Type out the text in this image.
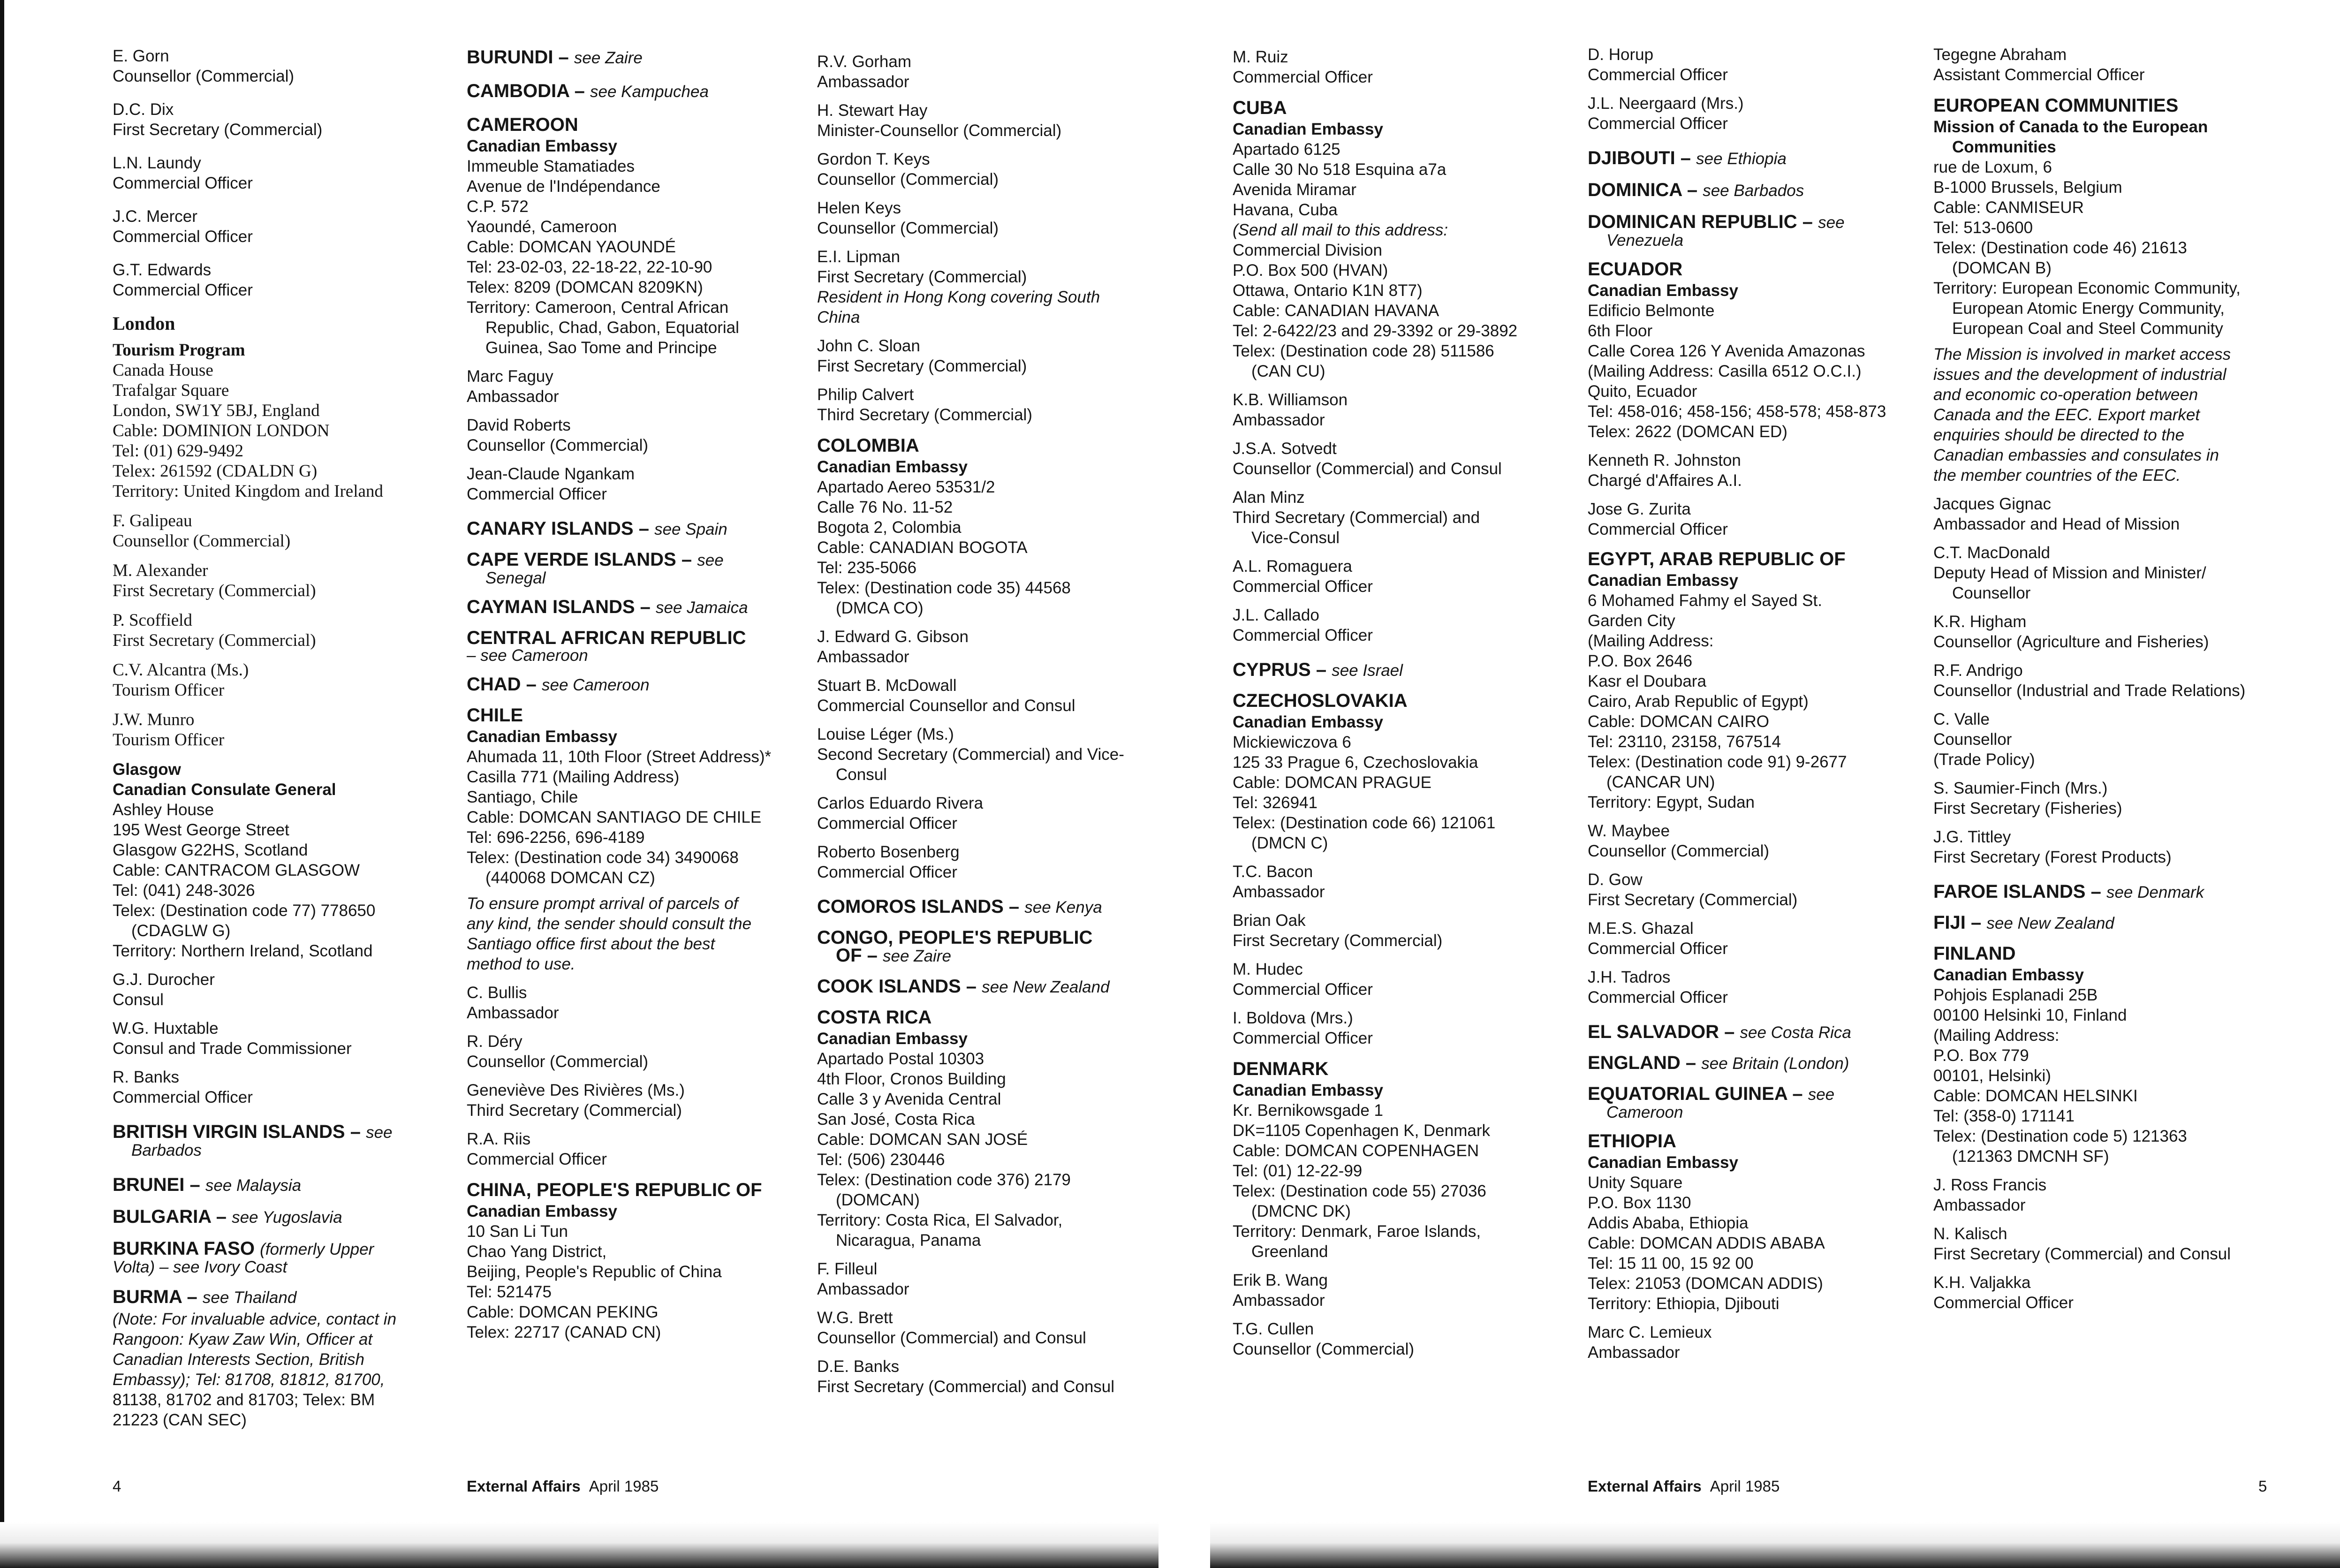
E. Gorn

Counsellor (Commercial)

D.C. Dix

First Secretary (Commercial)

L.N. Laundy

Commercial Officer

J.C. Mercer

Commercial Officer

G.T. Edwards

Commercial Officer

London

Tourism Program

Canada House

Trafalgar Square

London, SW1Y 5BJ, England

Cable: DOMINION LONDON

Tel: (01) 629-9492

Telex: 261592 (CDALDN G)

Territory: United Kingdom and Ireland

F. Galipeau

Counsellor (Commercial)

M. Alexander

First Secretary (Commercial)

P. Scoffield

First Secretary (Commercial)

C.V. Alcantra (Ms.)

Tourism Officer

J.W. Munro

Tourism Officer

Glasgow

Canadian Consulate General

Ashley House

195 West George Street

Glasgow G22HS, Scotland

Cable: CANTRACOM GLASGOW

Tel: (041) 248-3026

Telex: (Destination code 77) 778650

(CDAGLW G)

Territory: Northern Ireland, Scotland

G.J. Durocher

Consul

W.G. Huxtable

Consul and Trade Commissioner

R. Banks

Commercial Officer

BRITISH VIRGIN ISLANDS – see

Barbados

BRUNEI – see Malaysia

BULGARIA – see Yugoslavia

BURKINA FASO (formerly Upper

Volta) – see Ivory Coast

BURMA – see Thailand

(Note: For invaluable advice, contact in

Rangoon: Kyaw Zaw Win, Officer at

Canadian Interests Section, British

Embassy); Tel: 81708, 81812, 81700,

81138, 81702 and 81703; Telex: BM

21223 (CAN SEC)

BURUNDI – see Zaire

CAMBODIA – see Kampuchea

CAMEROON

Canadian Embassy

Immeuble Stamatiades

Avenue de l'Indépendance

C.P. 572

Yaoundé, Cameroon

Cable: DOMCAN YAOUNDÉ

Tel: 23-02-03, 22-18-22, 22-10-90

Telex: 8209 (DOMCAN 8209KN)

Territory: Cameroon, Central African

Republic, Chad, Gabon, Equatorial

Guinea, Sao Tome and Principe

Marc Faguy

Ambassador

David Roberts

Counsellor (Commercial)

Jean-Claude Ngankam

Commercial Officer

CANARY ISLANDS – see Spain

CAPE VERDE ISLANDS – see

Senegal

CAYMAN ISLANDS – see Jamaica

CENTRAL AFRICAN REPUBLIC

– see Cameroon

CHAD – see Cameroon

CHILE

Canadian Embassy

Ahumada 11, 10th Floor (Street Address)*

Casilla 771 (Mailing Address)

Santiago, Chile

Cable: DOMCAN SANTIAGO DE CHILE

Tel: 696-2256, 696-4189

Telex: (Destination code 34) 3490068

(440068 DOMCAN CZ)

To ensure prompt arrival of parcels of

any kind, the sender should consult the

Santiago office first about the best

method to use.

C. Bullis

Ambassador

R. Déry

Counsellor (Commercial)

Geneviève Des Rivières (Ms.)

Third Secretary (Commercial)

R.A. Riis

Commercial Officer

CHINA, PEOPLE'S REPUBLIC OF

Canadian Embassy

10 San Li Tun

Chao Yang District,

Beijing, People's Republic of China

Tel: 521475

Cable: DOMCAN PEKING

Telex: 22717 (CANAD CN)

R.V. Gorham

Ambassador

H. Stewart Hay

Minister-Counsellor (Commercial)

Gordon T. Keys

Counsellor (Commercial)

Helen Keys

Counsellor (Commercial)

E.I. Lipman

First Secretary (Commercial)

Resident in Hong Kong covering South

China

John C. Sloan

First Secretary (Commercial)

Philip Calvert

Third Secretary (Commercial)

COLOMBIA

Canadian Embassy

Apartado Aereo 53531/2

Calle 76 No. 11-52

Bogota 2, Colombia

Cable: CANADIAN BOGOTA

Tel: 235-5066

Telex: (Destination code 35) 44568

(DMCA CO)

J. Edward G. Gibson

Ambassador

Stuart B. McDowall

Commercial Counsellor and Consul

Louise Léger (Ms.)

Second Secretary (Commercial) and Vice-

Consul

Carlos Eduardo Rivera

Commercial Officer

Roberto Bosenberg

Commercial Officer

COMOROS ISLANDS – see Kenya

CONGO, PEOPLE'S REPUBLIC

OF – see Zaire

COOK ISLANDS – see New Zealand

COSTA RICA

Canadian Embassy

Apartado Postal 10303

4th Floor, Cronos Building

Calle 3 y Avenida Central

San José, Costa Rica

Cable: DOMCAN SAN JOSÉ

Tel: (506) 230446

Telex: (Destination code 376) 2179

(DOMCAN)

Territory: Costa Rica, El Salvador,

Nicaragua, Panama

F. Filleul

Ambassador

W.G. Brett

Counsellor (Commercial) and Consul

D.E. Banks

First Secretary (Commercial) and Consul

M. Ruiz

Commercial Officer

CUBA

Canadian Embassy

Apartado 6125

Calle 30 No 518 Esquina a7a

Avenida Miramar

Havana, Cuba

(Send all mail to this address:

Commercial Division

P.O. Box 500 (HVAN)

Ottawa, Ontario K1N 8T7)

Cable: CANADIAN HAVANA

Tel: 2-6422/23 and 29-3392 or 29-3892

Telex: (Destination code 28) 511586

(CAN CU)

K.B. Williamson

Ambassador

J.S.A. Sotvedt

Counsellor (Commercial) and Consul

Alan Minz

Third Secretary (Commercial) and

Vice-Consul

A.L. Romaguera

Commercial Officer

J.L. Callado

Commercial Officer

CYPRUS – see Israel

CZECHOSLOVAKIA

Canadian Embassy

Mickiewiczova 6

125 33 Prague 6, Czechoslovakia

Cable: DOMCAN PRAGUE

Tel: 326941

Telex: (Destination code 66) 121061

(DMCN C)

T.C. Bacon

Ambassador

Brian Oak

First Secretary (Commercial)

M. Hudec

Commercial Officer

I. Boldova (Mrs.)

Commercial Officer

DENMARK

Canadian Embassy

Kr. Bernikowsgade 1

DK=1105 Copenhagen K, Denmark

Cable: DOMCAN COPENHAGEN

Tel: (01) 12-22-99

Telex: (Destination code 55) 27036

(DMCNC DK)

Territory: Denmark, Faroe Islands,

Greenland

Erik B. Wang

Ambassador

T.G. Cullen

Counsellor (Commercial)

D. Horup

Commercial Officer

J.L. Neergaard (Mrs.)

Commercial Officer

DJIBOUTI – see Ethiopia

DOMINICA – see Barbados

DOMINICAN REPUBLIC – see

Venezuela

ECUADOR

Canadian Embassy

Edificio Belmonte

6th Floor

Calle Corea 126 Y Avenida Amazonas

(Mailing Address: Casilla 6512 O.C.I.)

Quito, Ecuador

Tel: 458-016; 458-156; 458-578; 458-873

Telex: 2622 (DOMCAN ED)

Kenneth R. Johnston

Chargé d'Affaires A.I.

Jose G. Zurita

Commercial Officer

EGYPT, ARAB REPUBLIC OF

Canadian Embassy

6 Mohamed Fahmy el Sayed St.

Garden City

(Mailing Address:

P.O. Box 2646

Kasr el Doubara

Cairo, Arab Republic of Egypt)

Cable: DOMCAN CAIRO

Tel: 23110, 23158, 767514

Telex: (Destination code 91) 9-2677

(CANCAR UN)

Territory: Egypt, Sudan

W. Maybee

Counsellor (Commercial)

D. Gow

First Secretary (Commercial)

M.E.S. Ghazal

Commercial Officer

J.H. Tadros

Commercial Officer

EL SALVADOR – see Costa Rica

ENGLAND – see Britain (London)

EQUATORIAL GUINEA – see

Cameroon

ETHIOPIA

Canadian Embassy

Unity Square

P.O. Box 1130

Addis Ababa, Ethiopia

Cable: DOMCAN ADDIS ABABA

Tel: 15 11 00, 15 92 00

Telex: 21053 (DOMCAN ADDIS)

Territory: Ethiopia, Djibouti

Marc C. Lemieux

Ambassador

Tegegne Abraham

Assistant Commercial Officer

EUROPEAN COMMUNITIES

Mission of Canada to the European

Communities

rue de Loxum, 6

B-1000 Brussels, Belgium

Cable: CANMISEUR

Tel: 513-0600

Telex: (Destination code 46) 21613

(DOMCAN B)

Territory: European Economic Community,

European Atomic Energy Community,

European Coal and Steel Community

The Mission is involved in market access

issues and the development of industrial

and economic co-operation between

Canada and the EEC. Export market

enquiries should be directed to the

Canadian embassies and consulates in

the member countries of the EEC.

Jacques Gignac

Ambassador and Head of Mission

C.T. MacDonald

Deputy Head of Mission and Minister/

Counsellor

K.R. Higham

Counsellor (Agriculture and Fisheries)

R.F. Andrigo

Counsellor (Industrial and Trade Relations)

C. Valle

Counsellor

(Trade Policy)

S. Saumier-Finch (Mrs.)

First Secretary (Fisheries)

J.G. Tittley

First Secretary (Forest Products)

FAROE ISLANDS – see Denmark

FIJI – see New Zealand

FINLAND

Canadian Embassy

Pohjois Esplanadi 25B

00100 Helsinki 10, Finland

(Mailing Address:

P.O. Box 779

00101, Helsinki)

Cable: DOMCAN HELSINKI

Tel: (358-0) 171141

Telex: (Destination code 5) 121363

(121363 DMCNH SF)

J. Ross Francis

Ambassador

N. Kalisch

First Secretary (Commercial) and Consul

K.H. Valjakka

Commercial Officer

4	External Affairs April 1985	External Affairs April 1985	5
